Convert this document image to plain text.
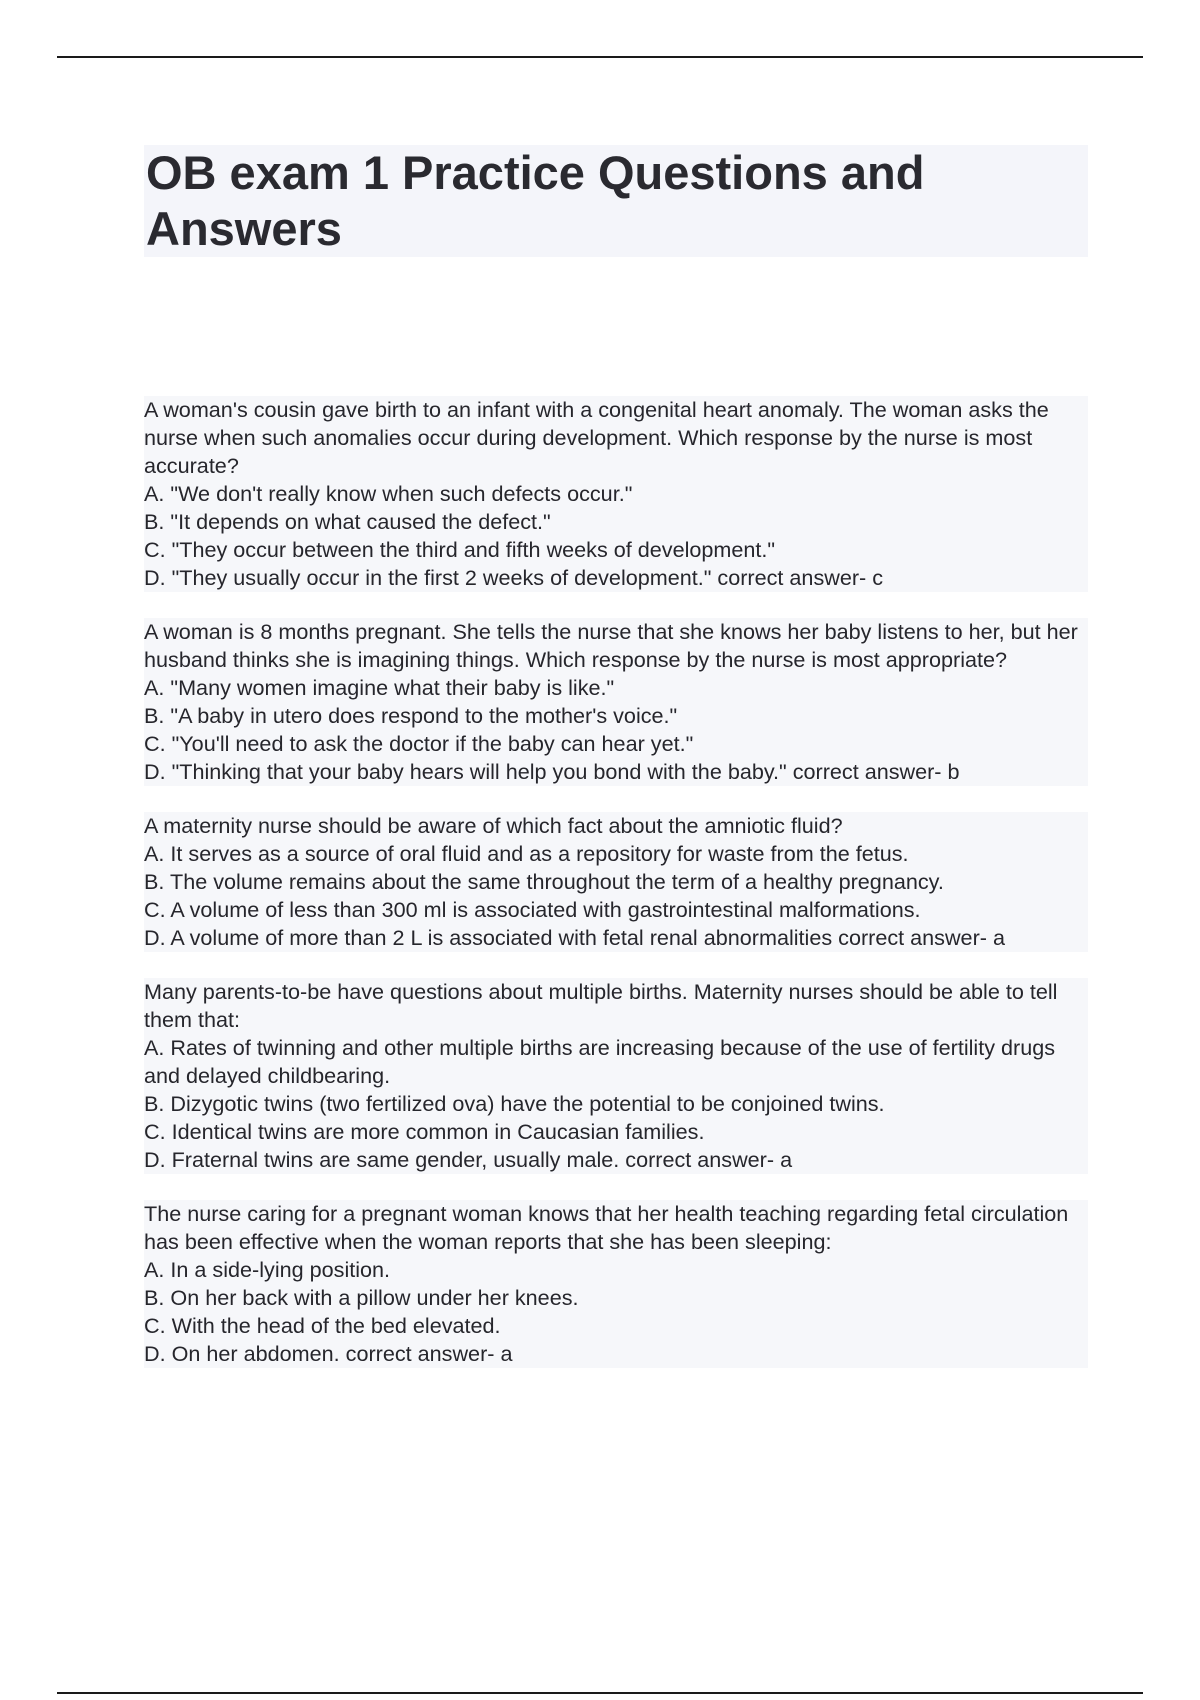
OB exam 1 Practice Questions and Answers
A woman's cousin gave birth to an infant with a congenital heart anomaly. The woman asks the nurse when such anomalies occur during development. Which response by the nurse is most accurate?
A. "We don't really know when such defects occur."
B. "It depends on what caused the defect."
C. "They occur between the third and fifth weeks of development."
D. "They usually occur in the first 2 weeks of development." correct answer- c
A woman is 8 months pregnant. She tells the nurse that she knows her baby listens to her, but her husband thinks she is imagining things. Which response by the nurse is most appropriate?
A. "Many women imagine what their baby is like."
B. "A baby in utero does respond to the mother's voice."
C. "You'll need to ask the doctor if the baby can hear yet."
D. "Thinking that your baby hears will help you bond with the baby." correct answer- b
A maternity nurse should be aware of which fact about the amniotic fluid?
A. It serves as a source of oral fluid and as a repository for waste from the fetus.
B. The volume remains about the same throughout the term of a healthy pregnancy.
C. A volume of less than 300 ml is associated with gastrointestinal malformations.
D. A volume of more than 2 L is associated with fetal renal abnormalities correct answer- a
Many parents-to-be have questions about multiple births. Maternity nurses should be able to tell them that:
A. Rates of twinning and other multiple births are increasing because of the use of fertility drugs and delayed childbearing.
B. Dizygotic twins (two fertilized ova) have the potential to be conjoined twins.
C. Identical twins are more common in Caucasian families.
D. Fraternal twins are same gender, usually male. correct answer- a
The nurse caring for a pregnant woman knows that her health teaching regarding fetal circulation has been effective when the woman reports that she has been sleeping:
A. In a side-lying position.
B. On her back with a pillow under her knees.
C. With the head of the bed elevated.
D. On her abdomen. correct answer- a
